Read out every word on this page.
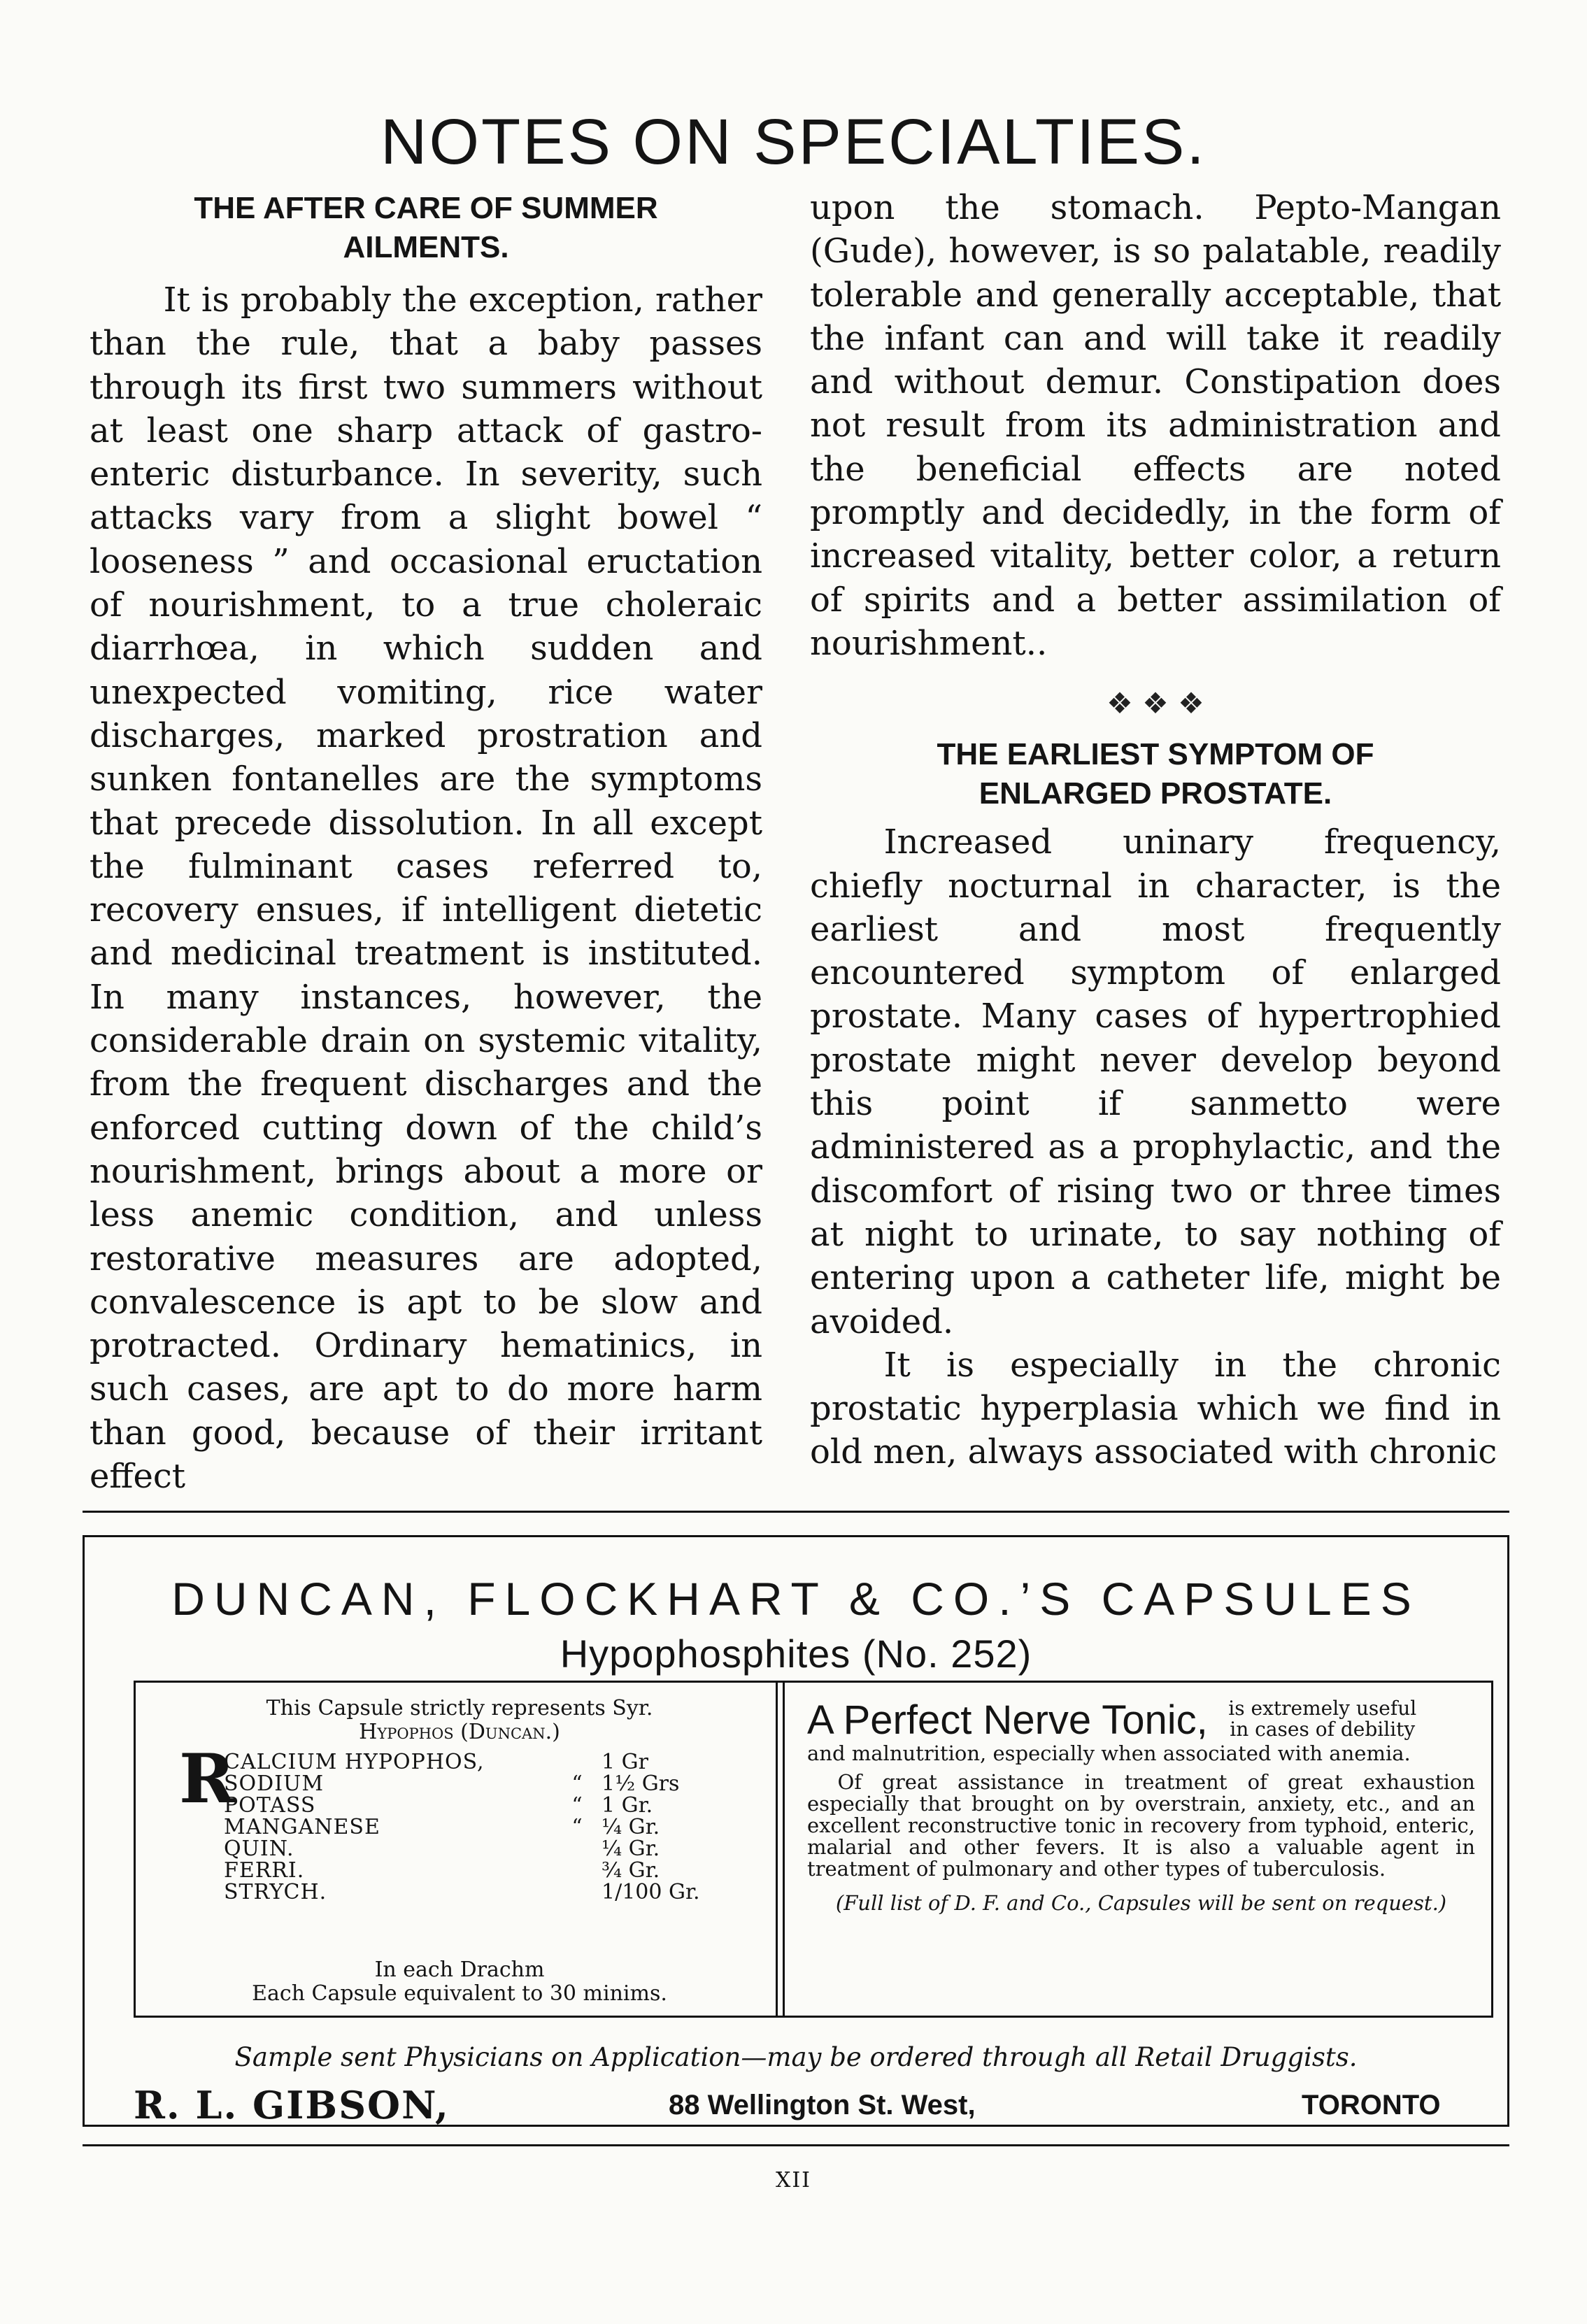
NOTES ON SPECIALTIES.
THE AFTER CARE OF SUMMER
AILMENTS.

It is probably the exception, rather than the rule, that a baby passes through its first two summers without at least one sharp attack of gastro-enteric disturbance. In severity, such attacks vary from a slight bowel “ looseness ” and occasional eructation of nourishment, to a true choleraic diarrhœa, in which sudden and unexpected vomiting, rice water discharges, marked prostration and sunken fontanelles are the symptoms that precede dissolution. In all except the fulminant cases referred to, recovery ensues, if intelligent dietetic and medicinal treatment is instituted. In many instances, however, the considerable drain on systemic vitality, from the frequent discharges and the enforced cutting down of the child’s nourishment, brings about a more or less anemic condition, and unless restorative measures are adopted, convalescence is apt to be slow and protracted. Ordinary hematinics, in such cases, are apt to do more harm than good, because of their irritant effect

upon the stomach. Pepto-Mangan (Gude), however, is so palatable, readily tolerable and generally acceptable, that the infant can and will take it readily and without demur. Constipation does not result from its administration and the beneficial effects are noted promptly and decidedly, in the form of increased vitality, better color, a return of spirits and a better assimilation of nourishment..

❖ ❖ ❖
THE EARLIEST SYMPTOM OF
ENLARGED PROSTATE.

Increased uninary frequency, chiefly nocturnal in character, is the earliest and most frequently encountered symptom of enlarged prostate. Many cases of hypertrophied prostate might never develop beyond this point if sanmetto were administered as a prophylactic, and the discomfort of rising two or three times at night to urinate, to say nothing of entering upon a catheter life, might be avoided.

It is especially in the chronic prostatic hyperplasia which we find in old men, always associated with chronic

DUNCAN, FLOCKHART & CO.’S CAPSULES
Hypophosphites (No. 252)
This Capsule strictly represents Syr.
Hypophos (Duncan.)
R
CALCIUM HYPOPHOS,		1 Gr
SODIUM	“	1½ Grs
POTASS	“	1 Gr.
MANGANESE	“	¼ Gr.
QUIN.		¼ Gr.
FERRI.		¾ Gr.
STRYCH.		1/100 Gr.
In each Drachm
Each Capsule equivalent to 30 minims.
A Perfect Nerve Tonic,	is extremely useful in cases of debility
and malnutrition, especially when associated with anemia.
Of great assistance in treatment of great exhaustion especially that brought on by overstrain, anxiety, etc., and an excellent reconstructive tonic in recovery from typhoid, enteric, malarial and other fevers. It is also a valuable agent in treatment of pulmonary and other types of tuberculosis.
(Full list of D. F. and Co., Capsules will be sent on request.)
Sample sent Physicians on Application—may be ordered through all Retail Druggists.
R. L. GIBSON,	88 Wellington St. West,	TORONTO
XII
